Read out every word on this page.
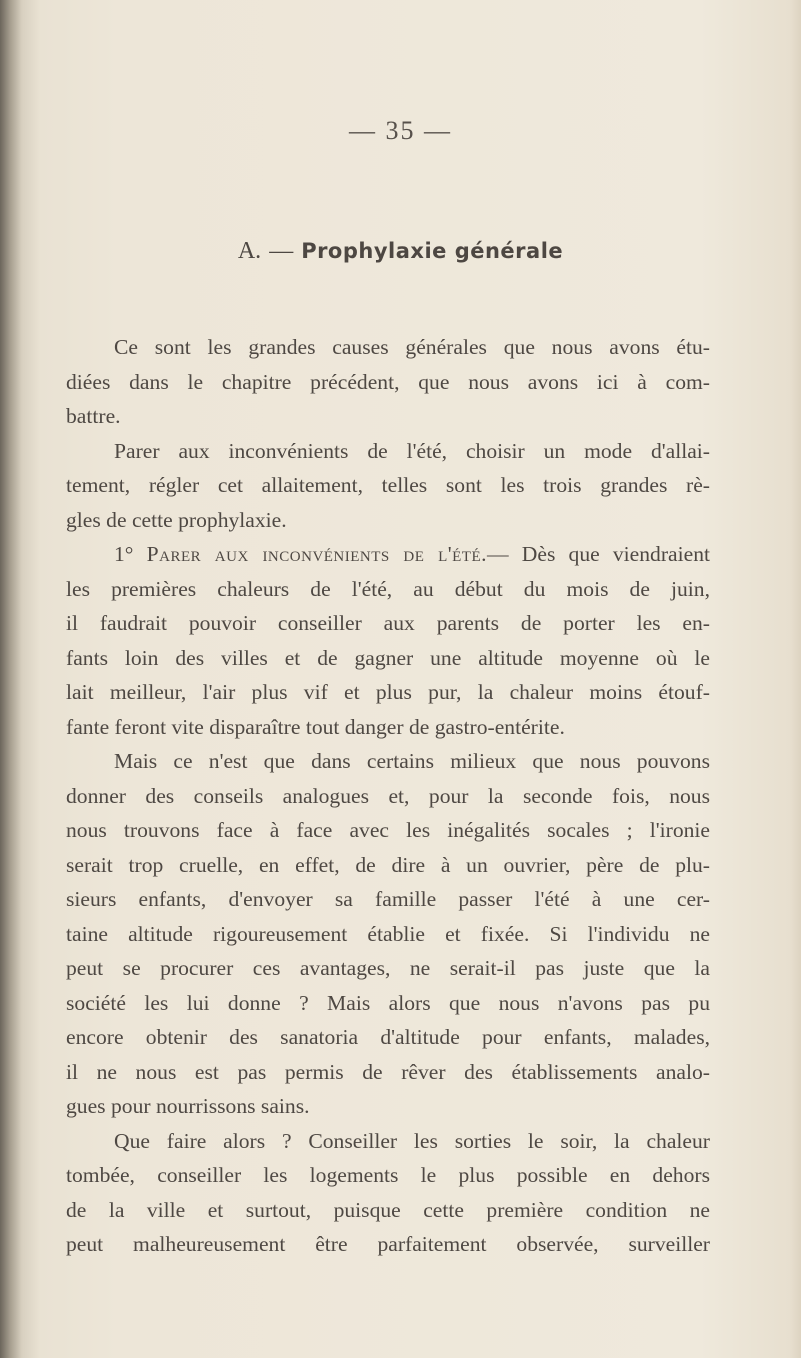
— 35 —
A. — Prophylaxie générale

Ce sont les grandes causes générales que nous avons étu-
diées dans le chapitre précédent, que nous avons ici à com-
battre.

Parer aux inconvénients de l'été, choisir un mode d'allai-
tement, régler cet allaitement, telles sont les trois grandes rè-
gles de cette prophylaxie.

1° Parer aux inconvénients de l'été.— Dès que viendraient
les premières chaleurs de l'été, au début du mois de juin,
il faudrait pouvoir conseiller aux parents de porter les en-
fants loin des villes et de gagner une altitude moyenne où le
lait meilleur, l'air plus vif et plus pur, la chaleur moins étouf-
fante feront vite disparaître tout danger de gastro-entérite.

Mais ce n'est que dans certains milieux que nous pouvons
donner des conseils analogues et, pour la seconde fois, nous
nous trouvons face à face avec les inégalités socales ; l'ironie
serait trop cruelle, en effet, de dire à un ouvrier, père de plu-
sieurs enfants, d'envoyer sa famille passer l'été à une cer-
taine altitude rigoureusement établie et fixée. Si l'individu ne
peut se procurer ces avantages, ne serait-il pas juste que la
société les lui donne ? Mais alors que nous n'avons pas pu
encore obtenir des sanatoria d'altitude pour enfants, malades,
il ne nous est pas permis de rêver des établissements analo-
gues pour nourrissons sains.

Que faire alors ? Conseiller les sorties le soir, la chaleur
tombée, conseiller les logements le plus possible en dehors
de la ville et surtout, puisque cette première condition ne
peut malheureusement être parfaitement observée, surveiller
